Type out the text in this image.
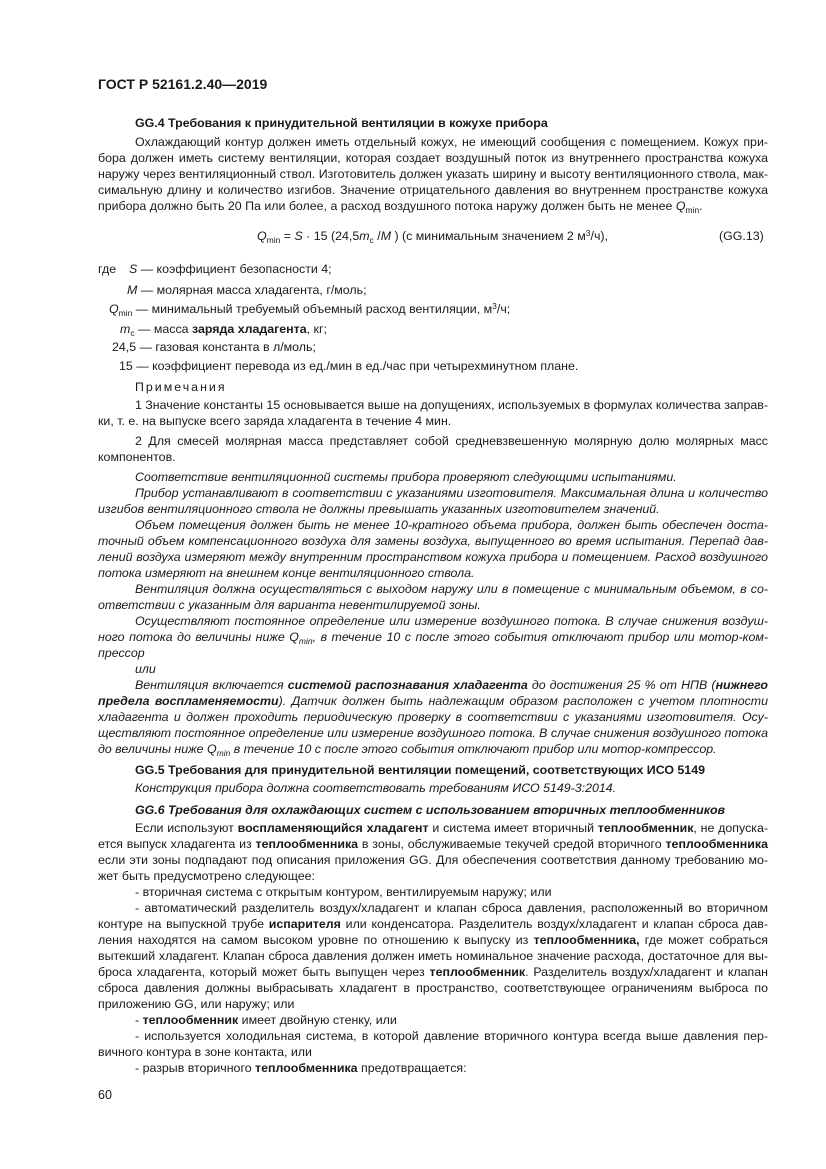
ГОСТ Р 52161.2.40—2019
GG.4 Требования к принудительной вентиляции в кожухе прибора
Охлаждающий контур должен иметь отдельный кожух, не имеющий сообщения с помещением. Кожух при-
бора должен иметь систему вентиляции, которая создает воздушный поток из внутреннего пространства кожуха
наружу через вентиляционный ствол. Изготовитель должен указать ширину и высоту вентиляционного ствола, мак-
симальную длину и количество изгибов. Значение отрицательного давления во внутреннем пространстве кожуха
прибора должно быть 20 Па или более, а расход воздушного потока наружу должен быть не менее $Q_{min}$.
$Q_{min} = S \cdot 15$ ($24,5m_c$ /M ) (с минимальным значением 2 $м^3/ч$),	(GG.13)
где S — коэффициент безопасности 4;
M — молярная масса хладагента, г/моль;
$Q_{min}$ — минимальный требуемый объемный расход вентиляции, $м^3/ч$;
$m_c$ — масса заряда хладагента, кг;
24,5 — газовая константа в л/моль;
15 — коэффициент перевода из ед./мин в ед./час при четырехминутном плане.
Примечания
1 Значение константы 15 основывается выше на допущениях, используемых в формулах количества заправ-
ки, т. е. на выпуске всего заряда хладагента в течение 4 мин.
2 Для смесей молярная масса представляет собой средневзвешенную молярную долю молярных масс
компонентов.
Соответствие вентиляционной системы прибора проверяют следующими испытаниями.
Прибор устанавливают в соответствии с указаниями изготовителя. Максимальная длина и количество
изгибов вентиляционного ствола не должны превышать указанных изготовителем значений.
Объем помещения должен быть не менее 10-кратного объема прибора, должен быть обеспечен доста-
точный объем компенсационного воздуха для замены воздуха, выпущенного во время испытания. Перепад дав-
лений воздуха измеряют между внутренним пространством кожуха прибора и помещением. Расход воздушного
потока измеряют на внешнем конце вентиляционного ствола.
Вентиляция должна осуществляться с выходом наружу или в помещение с минимальным объемом, в со-
ответствии с указанным для варианта невентилируемой зоны.
Осуществляют постоянное определение или измерение воздушного потока. В случае снижения воздуш-
ного потока до величины ниже $Q_{min}$, в течение 10 с после этого события отключают прибор или мотор-ком-
прессор
или
Вентиляция включается системой распознавания хладагента до достижения 25 % от НПВ (нижнего
предела воспламеняемости). Датчик должен быть надлежащим образом расположен с учетом плотности
хладагента и должен проходить периодическую проверку в соответствии с указаниями изготовителя. Осу-
ществляют постоянное определение или измерение воздушного потока. В случае снижения воздушного потока
до величины ниже $Q_{min}$ в течение 10 с после этого события отключают прибор или мотор-компрессор.
GG.5 Требования для принудительной вентиляции помещений, соответствующих ИСО 5149
Конструкция прибора должна соответствовать требованиям ИСО 5149-3:2014.
GG.6 Требования для охлаждающих систем с использованием вторичных теплообменников
Если используют воспламеняющийся хладагент и система имеет вторичный теплообменник, не допуска-
ется выпуск хладагента из теплообменника в зоны, обслуживаемые текучей средой вторичного теплообменника
если эти зоны подпадают под описания приложения GG. Для обеспечения соответствия данному требованию мо-
жет быть предусмотрено следующее:
- вторичная система с открытым контуром, вентилируемым наружу; или
- автоматический разделитель воздух/хладагент и клапан сброса давления, расположенный во вторичном
контуре на выпускной трубе испарителя или конденсатора. Разделитель воздух/хладагент и клапан сброса дав-
ления находятся на самом высоком уровне по отношению к выпуску из теплообменника, где может собраться
вытекший хладагент. Клапан сброса давления должен иметь номинальное значение расхода, достаточное для вы-
броса хладагента, который может быть выпущен через теплообменник. Разделитель воздух/хладагент и клапан
сброса давления должны выбрасывать хладагент в пространство, соответствующее ограничениям выброса по
приложению GG, или наружу; или
- теплообменник имеет двойную стенку, или
- используется холодильная система, в которой давление вторичного контура всегда выше давления пер-
вичного контура в зоне контакта, или
- разрыв вторичного теплообменника предотвращается:
60
